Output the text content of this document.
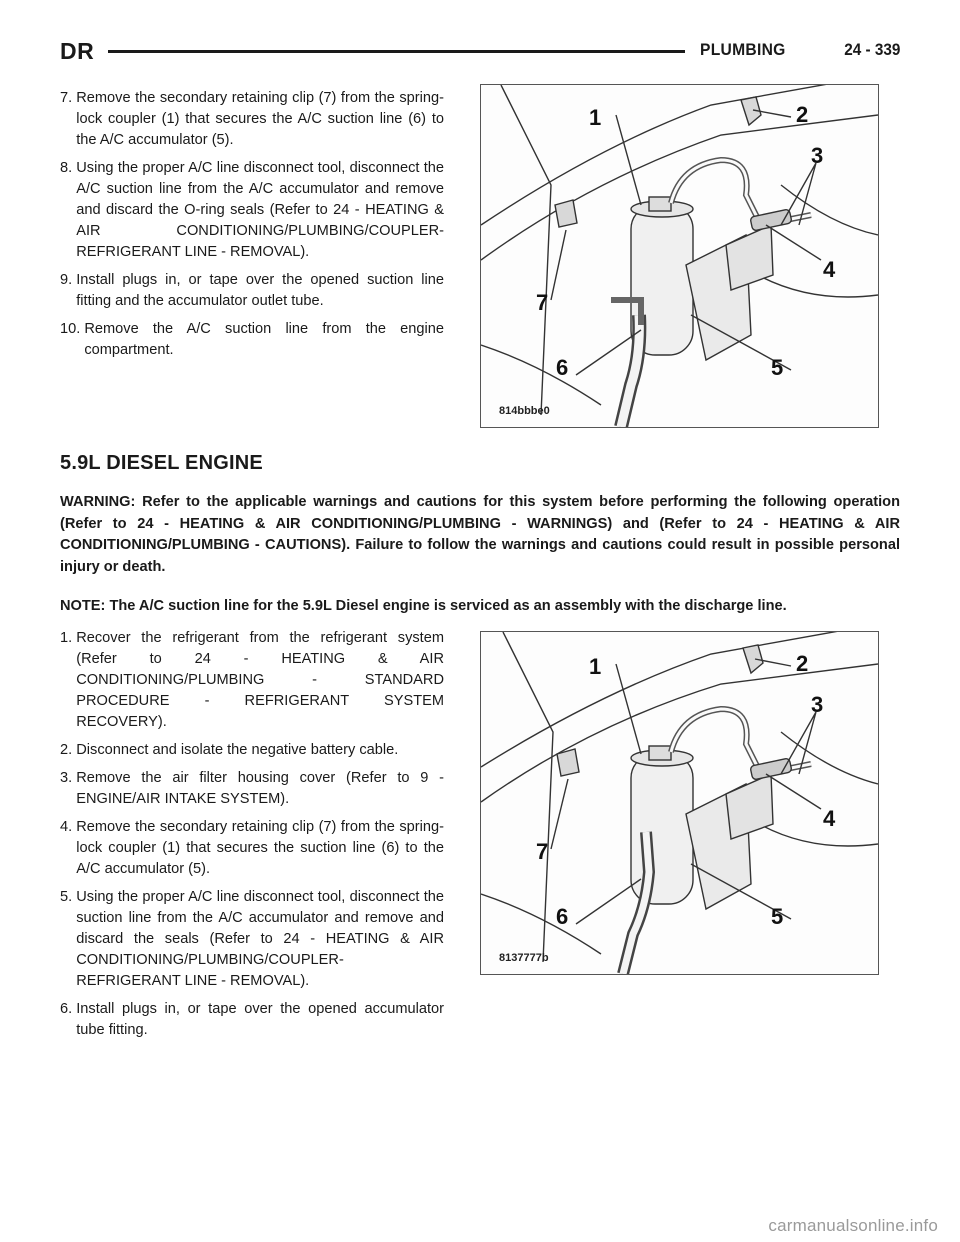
DR	PLUMBING	24 - 339

7. Remove the secondary retaining clip (7) from the spring-lock coupler (1) that secures the A/C suction line (6) to the A/C accumulator (5).

8. Using the proper A/C line disconnect tool, disconnect the A/C suction line from the A/C accumulator and remove and discard the O-ring seals (Refer to 24 - HEATING & AIR CONDITIONING/PLUMBING/COUPLER-REFRIGERANT LINE - REMOVAL).

9. Install plugs in, or tape over the opened suction line fitting and the accumulator outlet tube.

10. Remove the A/C suction line from the engine compartment.

1	2
3
4
5
6
7
814bbbe0
5.9L DIESEL ENGINE
WARNING: Refer to the applicable warnings and cautions for this system before performing the following operation (Refer to 24 - HEATING & AIR CONDITIONING/PLUMBING - WARNINGS) and (Refer to 24 - HEATING & AIR CONDITIONING/PLUMBING - CAUTIONS). Failure to follow the warnings and cautions could result in possible personal injury or death.
NOTE: The A/C suction line for the 5.9L Diesel engine is serviced as an assembly with the discharge line.

1. Recover the refrigerant from the refrigerant system (Refer to 24 - HEATING & AIR CONDITIONING/PLUMBING - STANDARD PROCEDURE - REFRIGERANT SYSTEM RECOVERY).

2. Disconnect and isolate the negative battery cable.

3. Remove the air filter housing cover (Refer to 9 - ENGINE/AIR INTAKE SYSTEM).

4. Remove the secondary retaining clip (7) from the spring-lock coupler (1) that secures the suction line (6) to the A/C accumulator (5).

5. Using the proper A/C line disconnect tool, disconnect the suction line from the A/C accumulator and remove and discard the seals (Refer to 24 - HEATING & AIR CONDITIONING/PLUMBING/COUPLER-REFRIGERANT LINE - REMOVAL).

6. Install plugs in, or tape over the opened accumulator tube fitting.

1	2
3
4
5
6
7
8137777b
carmanualsonline.info
